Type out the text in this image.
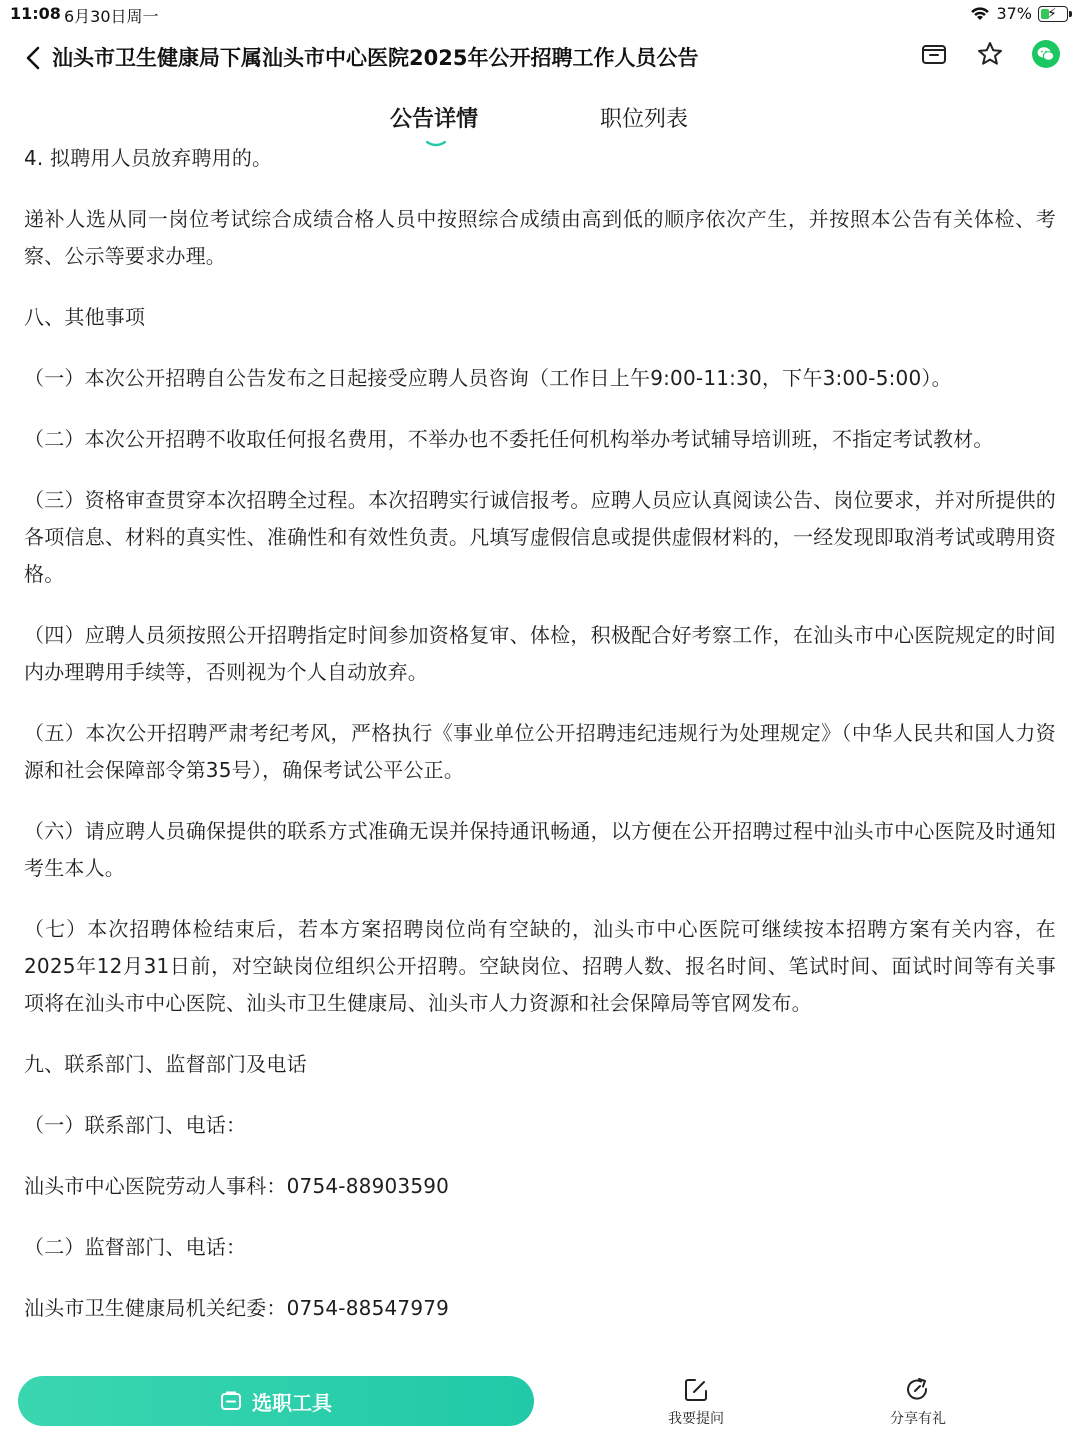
11:08 6月30日周一	37% ⚡
汕头市卫生健康局下属汕头市中心医院2025年公开招聘工作人员公告
公告详情	职位列表

4. 拟聘用人员放弃聘用的。

递补人选从同一岗位考试综合成绩合格人员中按照综合成绩由高到低的顺序依次产生，并按照本公告有关体检、考察、公示等要求办理。

八、其他事项

（一）本次公开招聘自公告发布之日起接受应聘人员咨询（工作日上午9:00-11:30，下午3:00-5:00）。

（二）本次公开招聘不收取任何报名费用，不举办也不委托任何机构举办考试辅导培训班，不指定考试教材。

（三）资格审查贯穿本次招聘全过程。本次招聘实行诚信报考。应聘人员应认真阅读公告、岗位要求，并对所提供的各项信息、材料的真实性、准确性和有效性负责。凡填写虚假信息或提供虚假材料的，一经发现即取消考试或聘用资格。

（四）应聘人员须按照公开招聘指定时间参加资格复审、体检，积极配合好考察工作，在汕头市中心医院规定的时间内办理聘用手续等，否则视为个人自动放弃。

（五）本次公开招聘严肃考纪考风，严格执行《事业单位公开招聘违纪违规行为处理规定》（中华人民共和国人力资源和社会保障部令第35号），确保考试公平公正。

（六）请应聘人员确保提供的联系方式准确无误并保持通讯畅通，以方便在公开招聘过程中汕头市中心医院及时通知考生本人。

（七）本次招聘体检结束后，若本方案招聘岗位尚有空缺的，汕头市中心医院可继续按本招聘方案有关内容，在2025年12月31日前，对空缺岗位组织公开招聘。空缺岗位、招聘人数、报名时间、笔试时间、面试时间等有关事项将在汕头市中心医院、汕头市卫生健康局、汕头市人力资源和社会保障局等官网发布。

九、联系部门、监督部门及电话

（一）联系部门、电话：

汕头市中心医院劳动人事科：0754-88903590

（二）监督部门、电话：

汕头市卫生健康局机关纪委：0754-88547979

选职工具
我要提问	分享有礼
